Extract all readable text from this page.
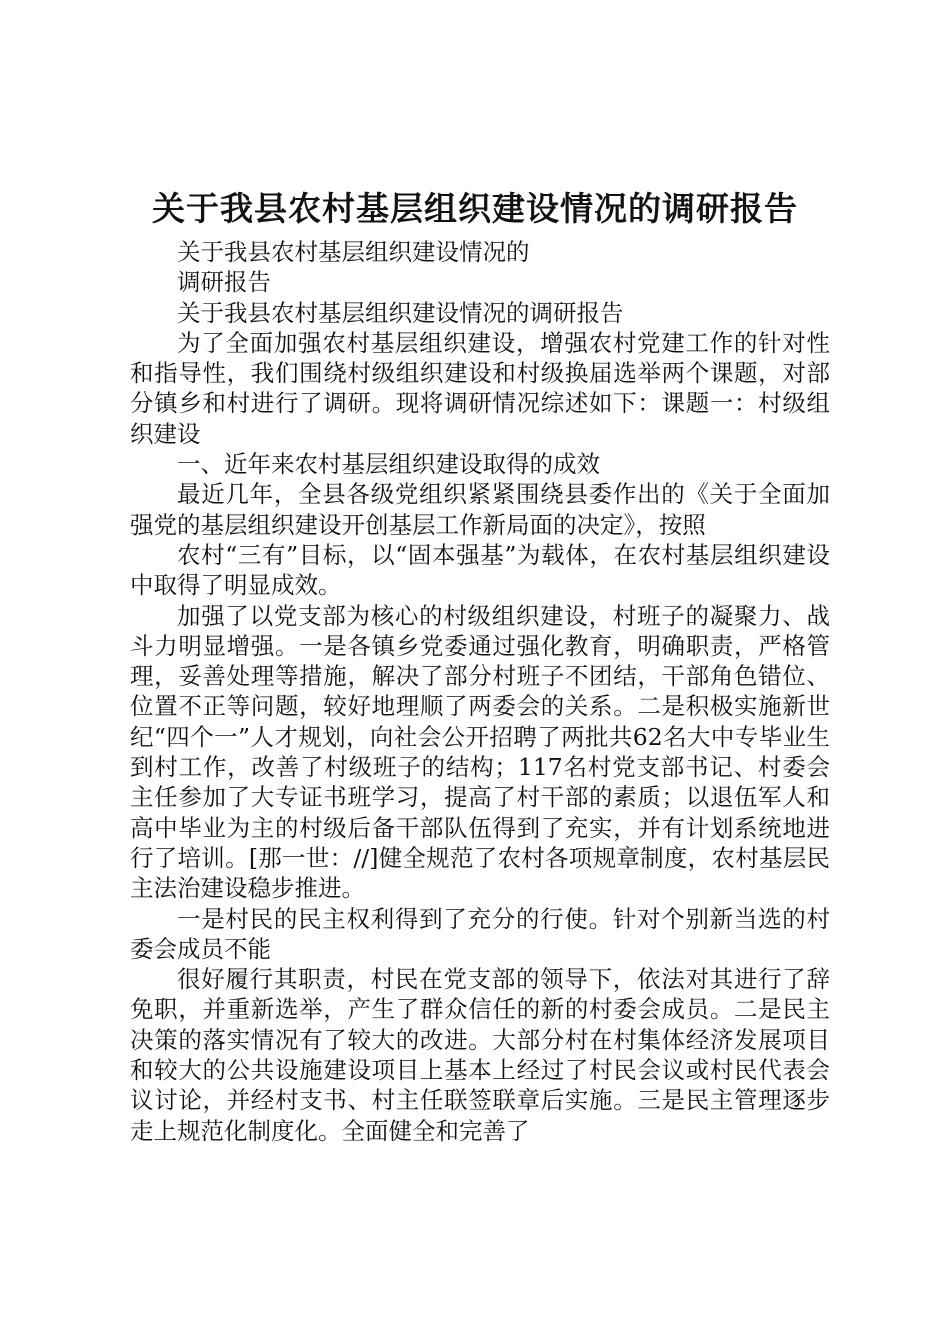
关于我县农村基层组织建设情况的调研报告

关于我县农村基层组织建设情况的

调研报告

关于我县农村基层组织建设情况的调研报告

为了全面加强农村基层组织建设，增强农村党建工作的针对性和指导性，我们围绕村级组织建设和村级换届选举两个课题，对部分镇乡和村进行了调研。现将调研情况综述如下：课题一：村级组织建设

一、近年来农村基层组织建设取得的成效

最近几年，全县各级党组织紧紧围绕县委作出的《关于全面加强党的基层组织建设开创基层工作新局面的决定》，按照

农村“三有”目标，以“固本强基”为载体，在农村基层组织建设中取得了明显成效。

加强了以党支部为核心的村级组织建设，村班子的凝聚力、战斗力明显增强。一是各镇乡党委通过强化教育，明确职责，严格管理，妥善处理等措施，解决了部分村班子不团结，干部角色错位、位置不正等问题，较好地理顺了两委会的关系。二是积极实施新世纪“四个一”人才规划，向社会公开招聘了两批共62名大中专毕业生到村工作，改善了村级班子的结构；117名村党支部书记、村委会主任参加了大专证书班学习，提高了村干部的素质；以退伍军人和高中毕业为主的村级后备干部队伍得到了充实，并有计划系统地进行了培训。[那一世：//]健全规范了农村各项规章制度，农村基层民主法治建设稳步推进。

一是村民的民主权利得到了充分的行使。针对个别新当选的村委会成员不能

很好履行其职责，村民在党支部的领导下，依法对其进行了辞免职，并重新选举，产生了群众信任的新的村委会成员。二是民主决策的落实情况有了较大的改进。大部分村在村集体经济发展项目和较大的公共设施建设项目上基本上经过了村民会议或村民代表会议讨论，并经村支书、村主任联签联章后实施。三是民主管理逐步走上规范化制度化。全面健全和完善了
